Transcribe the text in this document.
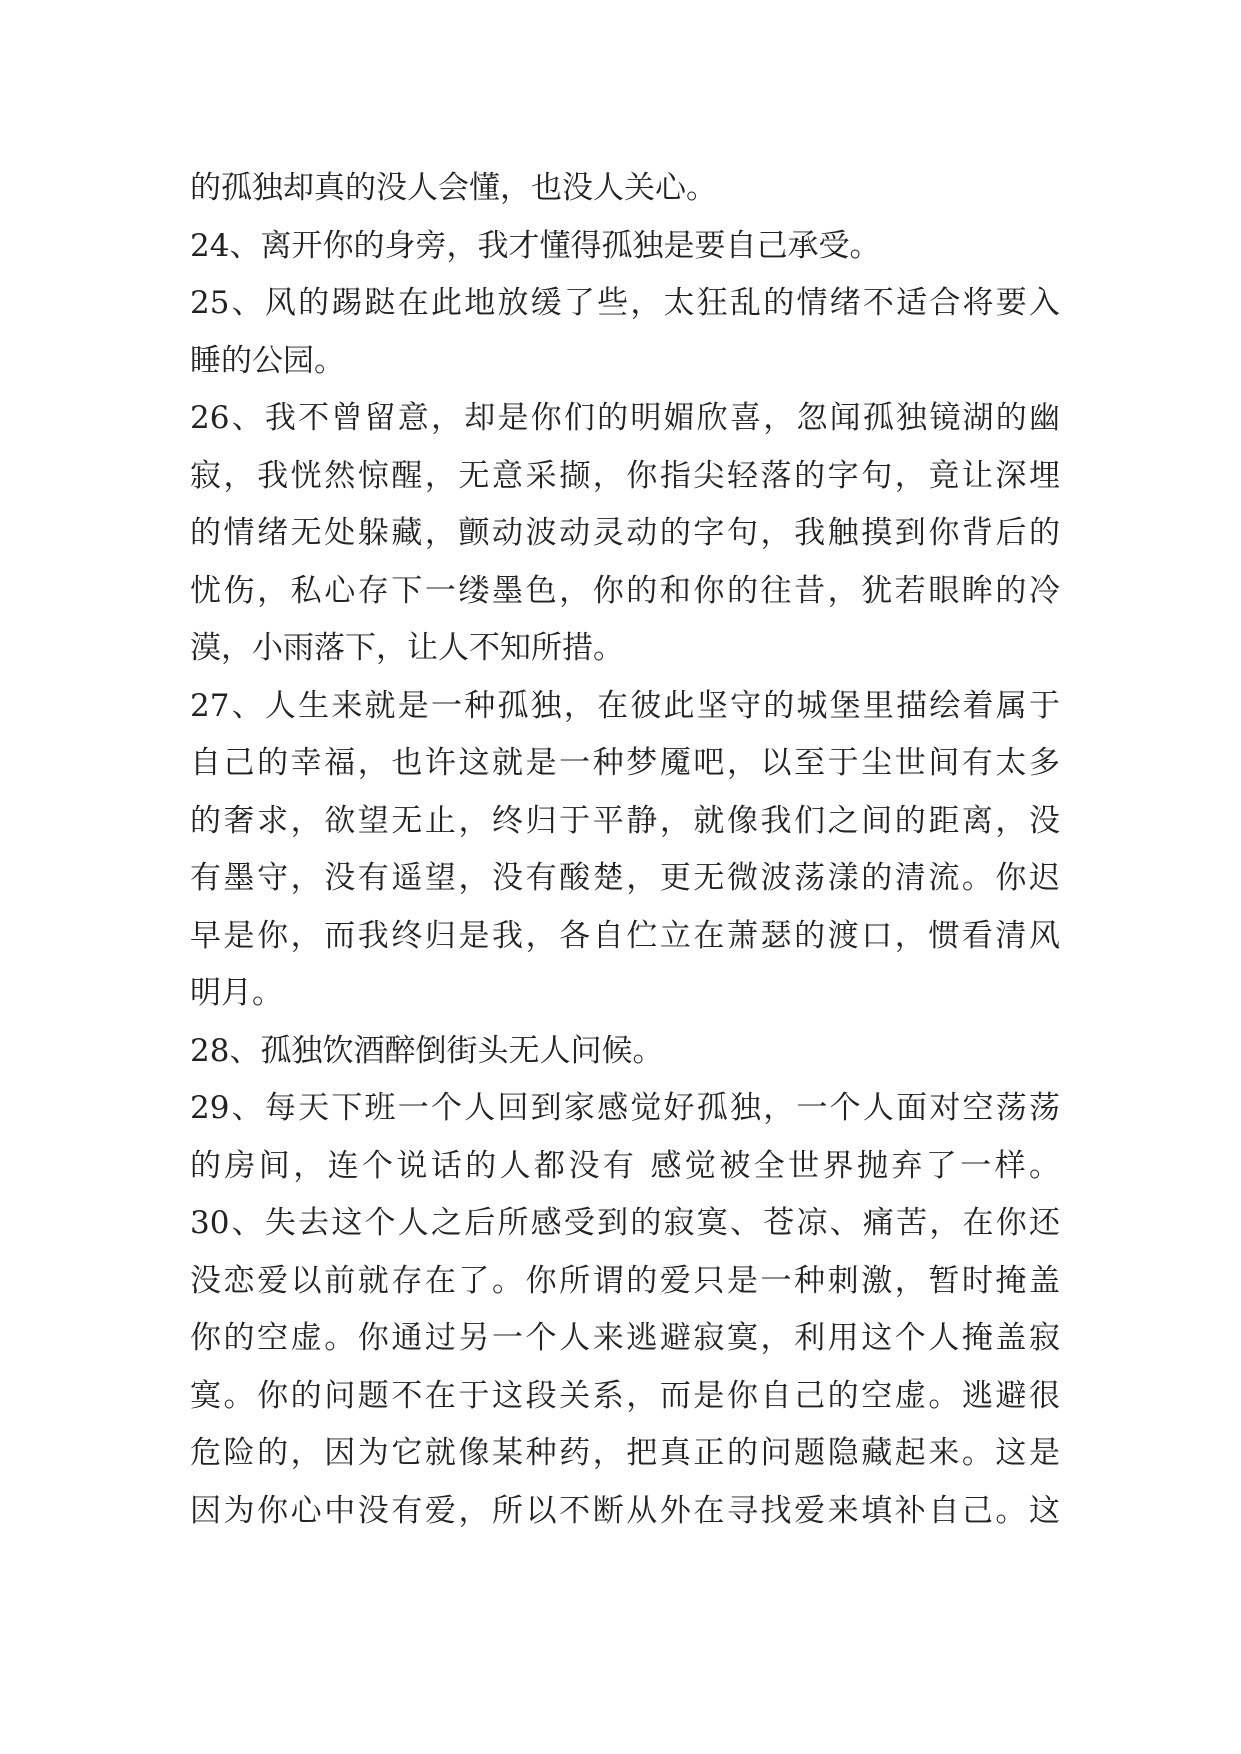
的孤独却真的没人会懂，也没人关心。
24、离开你的身旁，我才懂得孤独是要自己承受。
25、风的踢跶在此地放缓了些，太狂乱的情绪不适合将要入
睡的公园。
26、我不曾留意，却是你们的明媚欣喜，忽闻孤独镜湖的幽
寂，我恍然惊醒，无意采撷，你指尖轻落的字句，竟让深埋
的情绪无处躲藏，颤动波动灵动的字句，我触摸到你背后的
忧伤，私心存下一缕墨色，你的和你的往昔，犹若眼眸的冷
漠，小雨落下，让人不知所措。
27、人生来就是一种孤独，在彼此坚守的城堡里描绘着属于
自己的幸福，也许这就是一种梦魇吧，以至于尘世间有太多
的奢求，欲望无止，终归于平静，就像我们之间的距离，没
有墨守，没有遥望，没有酸楚，更无微波荡漾的清流。你迟
早是你，而我终归是我，各自伫立在萧瑟的渡口，惯看清风
明月。
28、孤独饮酒醉倒街头无人问候。
29、每天下班一个人回到家感觉好孤独，一个人面对空荡荡
的房间，连个说话的人都没有 感觉被全世界抛弃了一样。
30、失去这个人之后所感受到的寂寞、苍凉、痛苦，在你还
没恋爱以前就存在了。你所谓的爱只是一种刺激，暂时掩盖
你的空虚。你通过另一个人来逃避寂寞，利用这个人掩盖寂
寞。你的问题不在于这段关系，而是你自己的空虚。逃避很
危险的，因为它就像某种药，把真正的问题隐藏起来。这是
因为你心中没有爱，所以不断从外在寻找爱来填补自己。这
